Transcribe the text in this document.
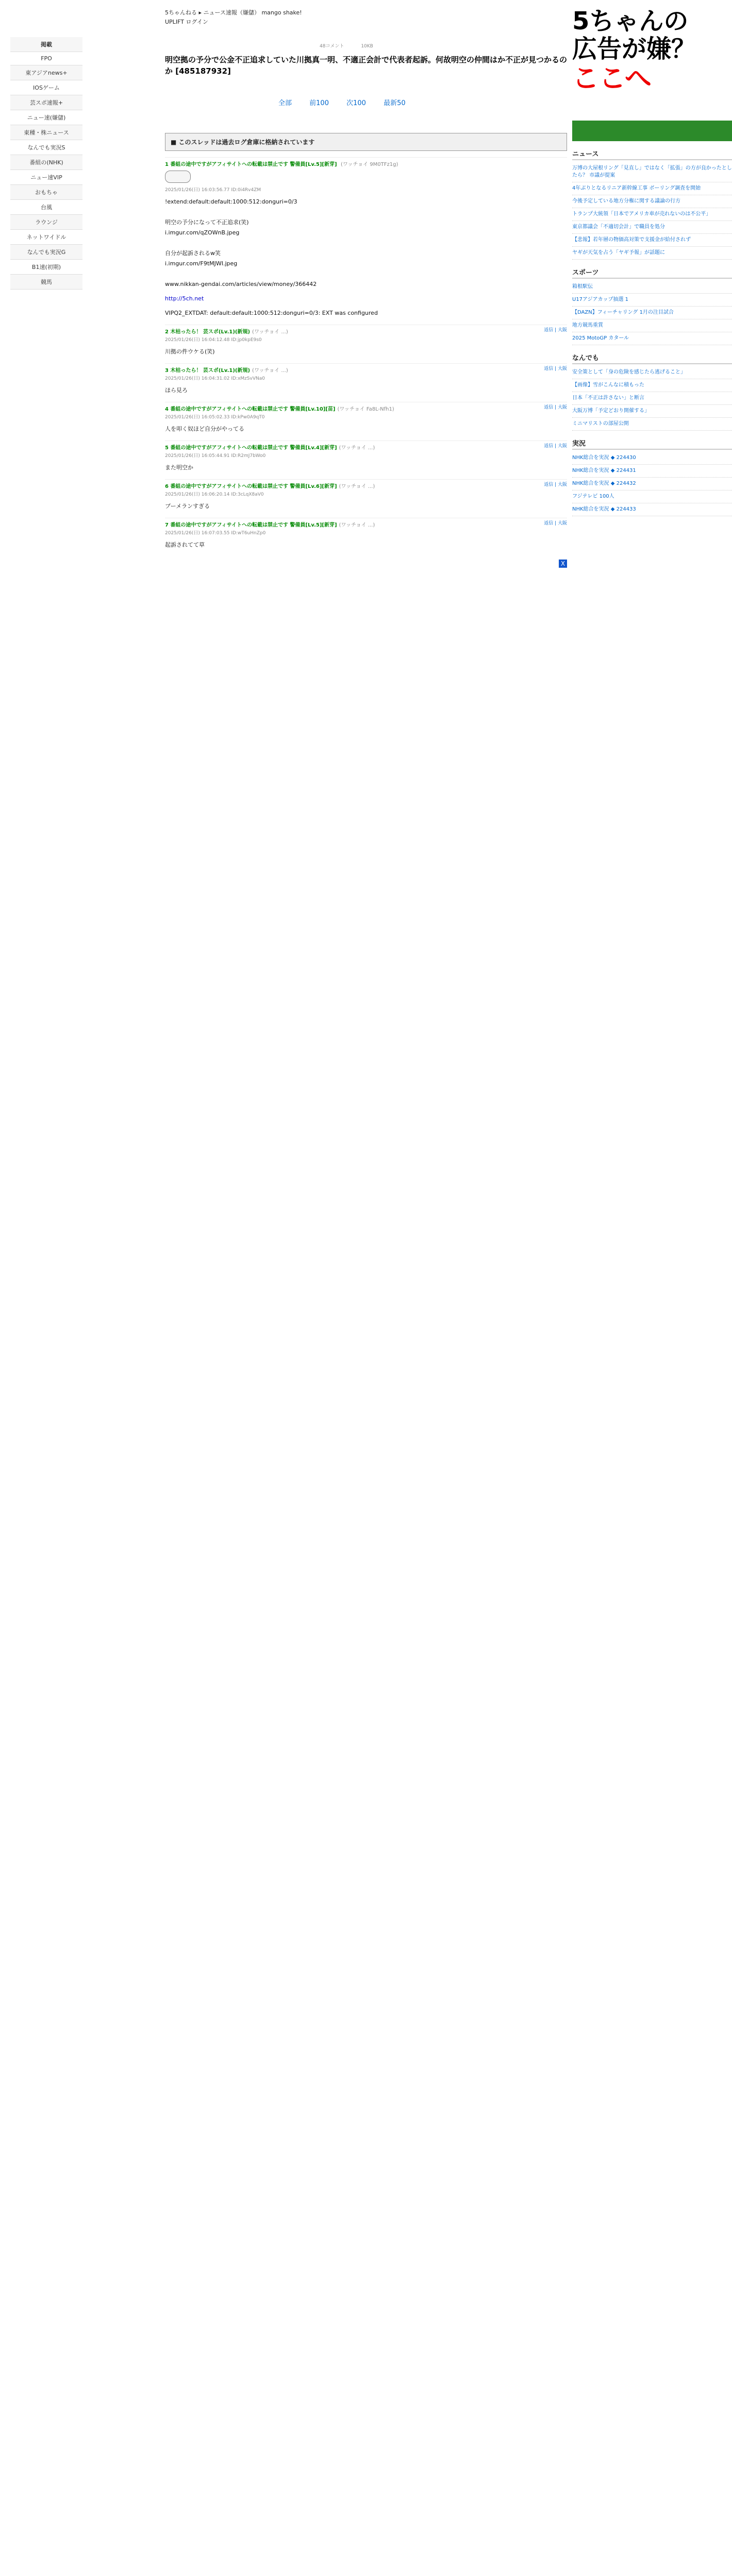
掲載
FPO
東アジアnews+
IOSゲーム
芸スポ速報+
ニュー速(嫌儲)
東種・株ニュース
なんでも実況S
番組の(NHK)
ニュー速VIP
おもちゃ
台風
ラウンジ
ネットワイドル
なんでも実況G
B1速(初期)
競馬
5ちゃんねる ▸ ニュース速報（嫌儲） mango shake!
UPLIFT ログイン
48コメント	10KB
明空拠の予分で公金不正追求していた川拠真一明、不適正会計で代表者起訴。何故明空の仲間はか不正が見つかるのか [485187932]
全部	前100	次100	最新50
■ このスレッドは過去ログ倉庫に格納されています
1 番組の途中ですがアフィサイトへの転載は禁止です 警備員[Lv.5][新芽] (ワッチョイ 9M0TFz1g)
2025/01/26(日) 16:03:56.77 ID:0i4Rv4ZM
!extend:default:default:1000:512:donguri=0/3

明空の予分になって不正追求(笑)
i.imgur.com/qZOWnB.jpeg

自分が起訴されるw笑
i.imgur.com/F9tMJWI.jpeg

www.nikkan-gendai.com/articles/view/money/366442
http://5ch.net
VIPQ2_EXTDAT: default:default:1000:512:donguri=0/3: EXT was configured
2 木枯ったら！ 芸スポ(Lv.1)(新規) (ワッチョイ ...)
2025/01/26(日) 16:04:12.48 ID:jp0kpE9s0
返信 | 大阪
川拠の件ウケる(笑)
3 木枯ったら！ 芸スポ(Lv.1)(新規) (ワッチョイ ...)
2025/01/26(日) 16:04:31.02 ID:xMzSvVNa0
返信 | 大阪
ほら見ろ
4 番組の途中ですがアフィサイトへの転載は禁止です 警備員[Lv.10][苗] (ワッチョイ Fa8L-Nfh1)
2025/01/26(日) 16:05:02.33 ID:kPw0A9qT0
返信 | 大阪
人を叩く奴ほど自分がやってる
5 番組の途中ですがアフィサイトへの転載は禁止です 警備員[Lv.4][新芽] (ワッチョイ ...)
2025/01/26(日) 16:05:44.91 ID:R2mJ7bWo0
返信 | 大阪
また明空か
6 番組の途中ですがアフィサイトへの転載は禁止です 警備員[Lv.6][新芽] (ワッチョイ ...)
2025/01/26(日) 16:06:20.14 ID:3cLqX8aV0
返信 | 大阪
ブーメランすぎる
7 番組の途中ですがアフィサイトへの転載は禁止です 警備員[Lv.5][新芽] (ワッチョイ ...)
2025/01/26(日) 16:07:03.55 ID:wT6uHnZp0
返信 | 大阪
起訴されてて草
X
5ちゃんの
広告が嫌？
ここへ
ニュース
万博の大屋根リング「見直し」ではなく「拡張」の方が良かったとしたら？ 市議が提案
4年ぶりとなるリニア新幹線工事 ボーリング調査を開始
今後予定している地方分権に関する議論の行方
トランプ大統領「日本でアメリカ車が売れないのは不公平」
東京都議会「不適切会計」で職員を処分
【悲報】若年層の物価高対策で支援金が給付されず
ヤギが天気を占う「ヤギ予報」が話題に
スポーツ
箱根駅伝
U17アジアカップ抽選 1
【DAZN】フィーチャリング 1月の注目試合
地方競馬重賞
2025 MotoGP カタール
なんでも
安全策として「身の危険を感じたら逃げること」
【画像】雪がこんなに積もった
日本「不正は許さない」と断言
大阪万博「予定どおり開催する」
ミニマリストの部屋公開
実況
NHK総合を実況 ◆ 224430
NHK総合を実況 ◆ 224431
NHK総合を実況 ◆ 224432
フジテレビ 100人
NHK総合を実況 ◆ 224433
